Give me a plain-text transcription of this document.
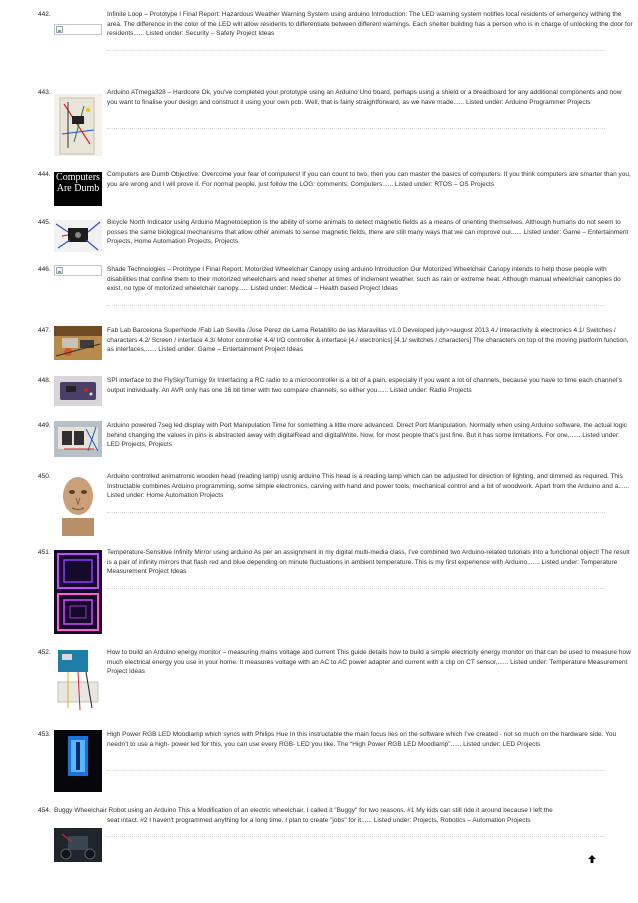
442.	Infinite Loop – Prototype I Final Report: Hazardous Weather Warning System using arduino Introduction: The LED warning system notifies local residents of emergency withing the area. The difference in the color of the LED will allow residents to differentiate between different warnings. Each shelter building has a person who is in charge of unlocking the door for residents...... Listed under: Security – Safety Project Ideas

443.	Arduino ATmega328 – Hardcore Ok, you’ve completed your prototype using an Arduino Uno board, perhaps using a shield or a breadboard for any additional components and now you want to finalise your design and construct it using your own pcb. Well, that is fairly straightforward, as we have made...... Listed under: Arduino Programmer Projects

444. Computers Are Dumb

Computers are Dumb Objective: Overcome your fear of computers! If you can count to two, then you can master the basics of computers. If you think computers are smarter than you, you are wrong and I will prove it. For normal people, just follow the LOG: comments. Computers...... Listed under: RTOS – OS Projects

445.	Bicycle North Indicator using Arduino Magnetoception is the ability of some animals to detect magnetic fields as a means of orienting themselves. Although humans do not seem to posses the same biological mechanisms that allow other animals to sense magnetic fields, there are still many ways that we can improve our...... Listed under: Game – Entertainment Projects, Home Automation Projects, Projects

446.	Shade Technologies – Prototype I Final Report: Motorized Wheelchair Canopy using arduino Introduction Our Motorized Wheelchair Canopy intends to help those people with disabilities that confine them to their motorized wheelchairs and need shelter at times of inclement weather, such as rain or extreme heat. Although manual wheelchair canopies do exist, no type of motorized wheelchair canopy...... Listed under: Medical – Health based Project Ideas

447.	Fab Lab Barcelona SuperNode /Fab Lab Sevilla /Jose Perez de Lama Retablillo de las Maravillas v1.0 Developed july>>august 2013 4./ Interactivity & electronics 4.1/ Switches / characters 4.2/ Screen / interface 4.3/ Motor controller 4.4/ I/O controller & interface [4./ electronics] [4.1/ switches / characters] The characters on top of the moving platform function, as interfaces,...... Listed under: Game – Entertainment Project Ideas

448.	SPI interface to the FlySky/Turnigy 9x Interfacing a RC radio to a microcontroller is a bit of a pain, especially if you want a lot of channels, because you have to time each channel’s output individually. An AVR only has one 16 bit timer with two compare channels, so either you...... Listed under: Radio Projects

449.	Arduino powered 7seg led display with Port Manipulation Time for something a little more advanced. Direct Port Manipulation. Normally when using Arduino software, the actual logic behind changing the values in pins is abstracted away with digitalRead and digitalWrite. Now, for most people that’s just fine. But it has some limitations. For one,...... Listed under: LED Projects, Projects

450.	Arduino controlled animatronic wooden head (reading lamp) usnig arduino This head is a reading lamp which can be adjusted for direction of lighting, and dimmed as required. This Instructable combines Arduino programming, some simple electronics, carving with hand and power tools, mechanical control and a bit of woodwork. Apart from the Arduino and a...... Listed under: Home Automation Projects

451.	Temperature-Sensitive Infinity Mirror using arduino As per an assignment in my digital multi-media class, I’ve combined two Arduino-related tutorials into a functional object! The result is a pair of infinity mirrors that flash red and blue depending on minute fluctuations in ambient temperature. This is my first experience with Arduino,...... Listed under: Temperature Measurement Project Ideas

452.	How to build an Arduino energy monitor – measuring mains voltage and current This guide details how to build a simple electricity energy monitor on that can be used to measure how much electrical energy you use in your home. It measures voltage with an AC to AC power adapter and current with a clip on CT sensor,...... Listed under: Temperature Measurement Project Ideas

453.	High Power RGB LED Moodlamp which syncs with Philips Hue In this instructable the main focus lies on the software which I’ve created - not so much on the hardware side. You needn’t to use a high- power led for this, you can use every RGB- LED you like. The “High Power RGB LED Moodlamp”...... Listed under: LED Projects

454. Buggy Wheelchair Robot using an Arduino This a Modification of an electric wheelchair. I called it "Buggy" for two reasons. #1 My kids can still ride it around because I left the

seat intact. #2 I haven't programmed anything for a long time. I plan to create "jobs" for it...... Listed under: Projects, Robotics – Automation Projects
